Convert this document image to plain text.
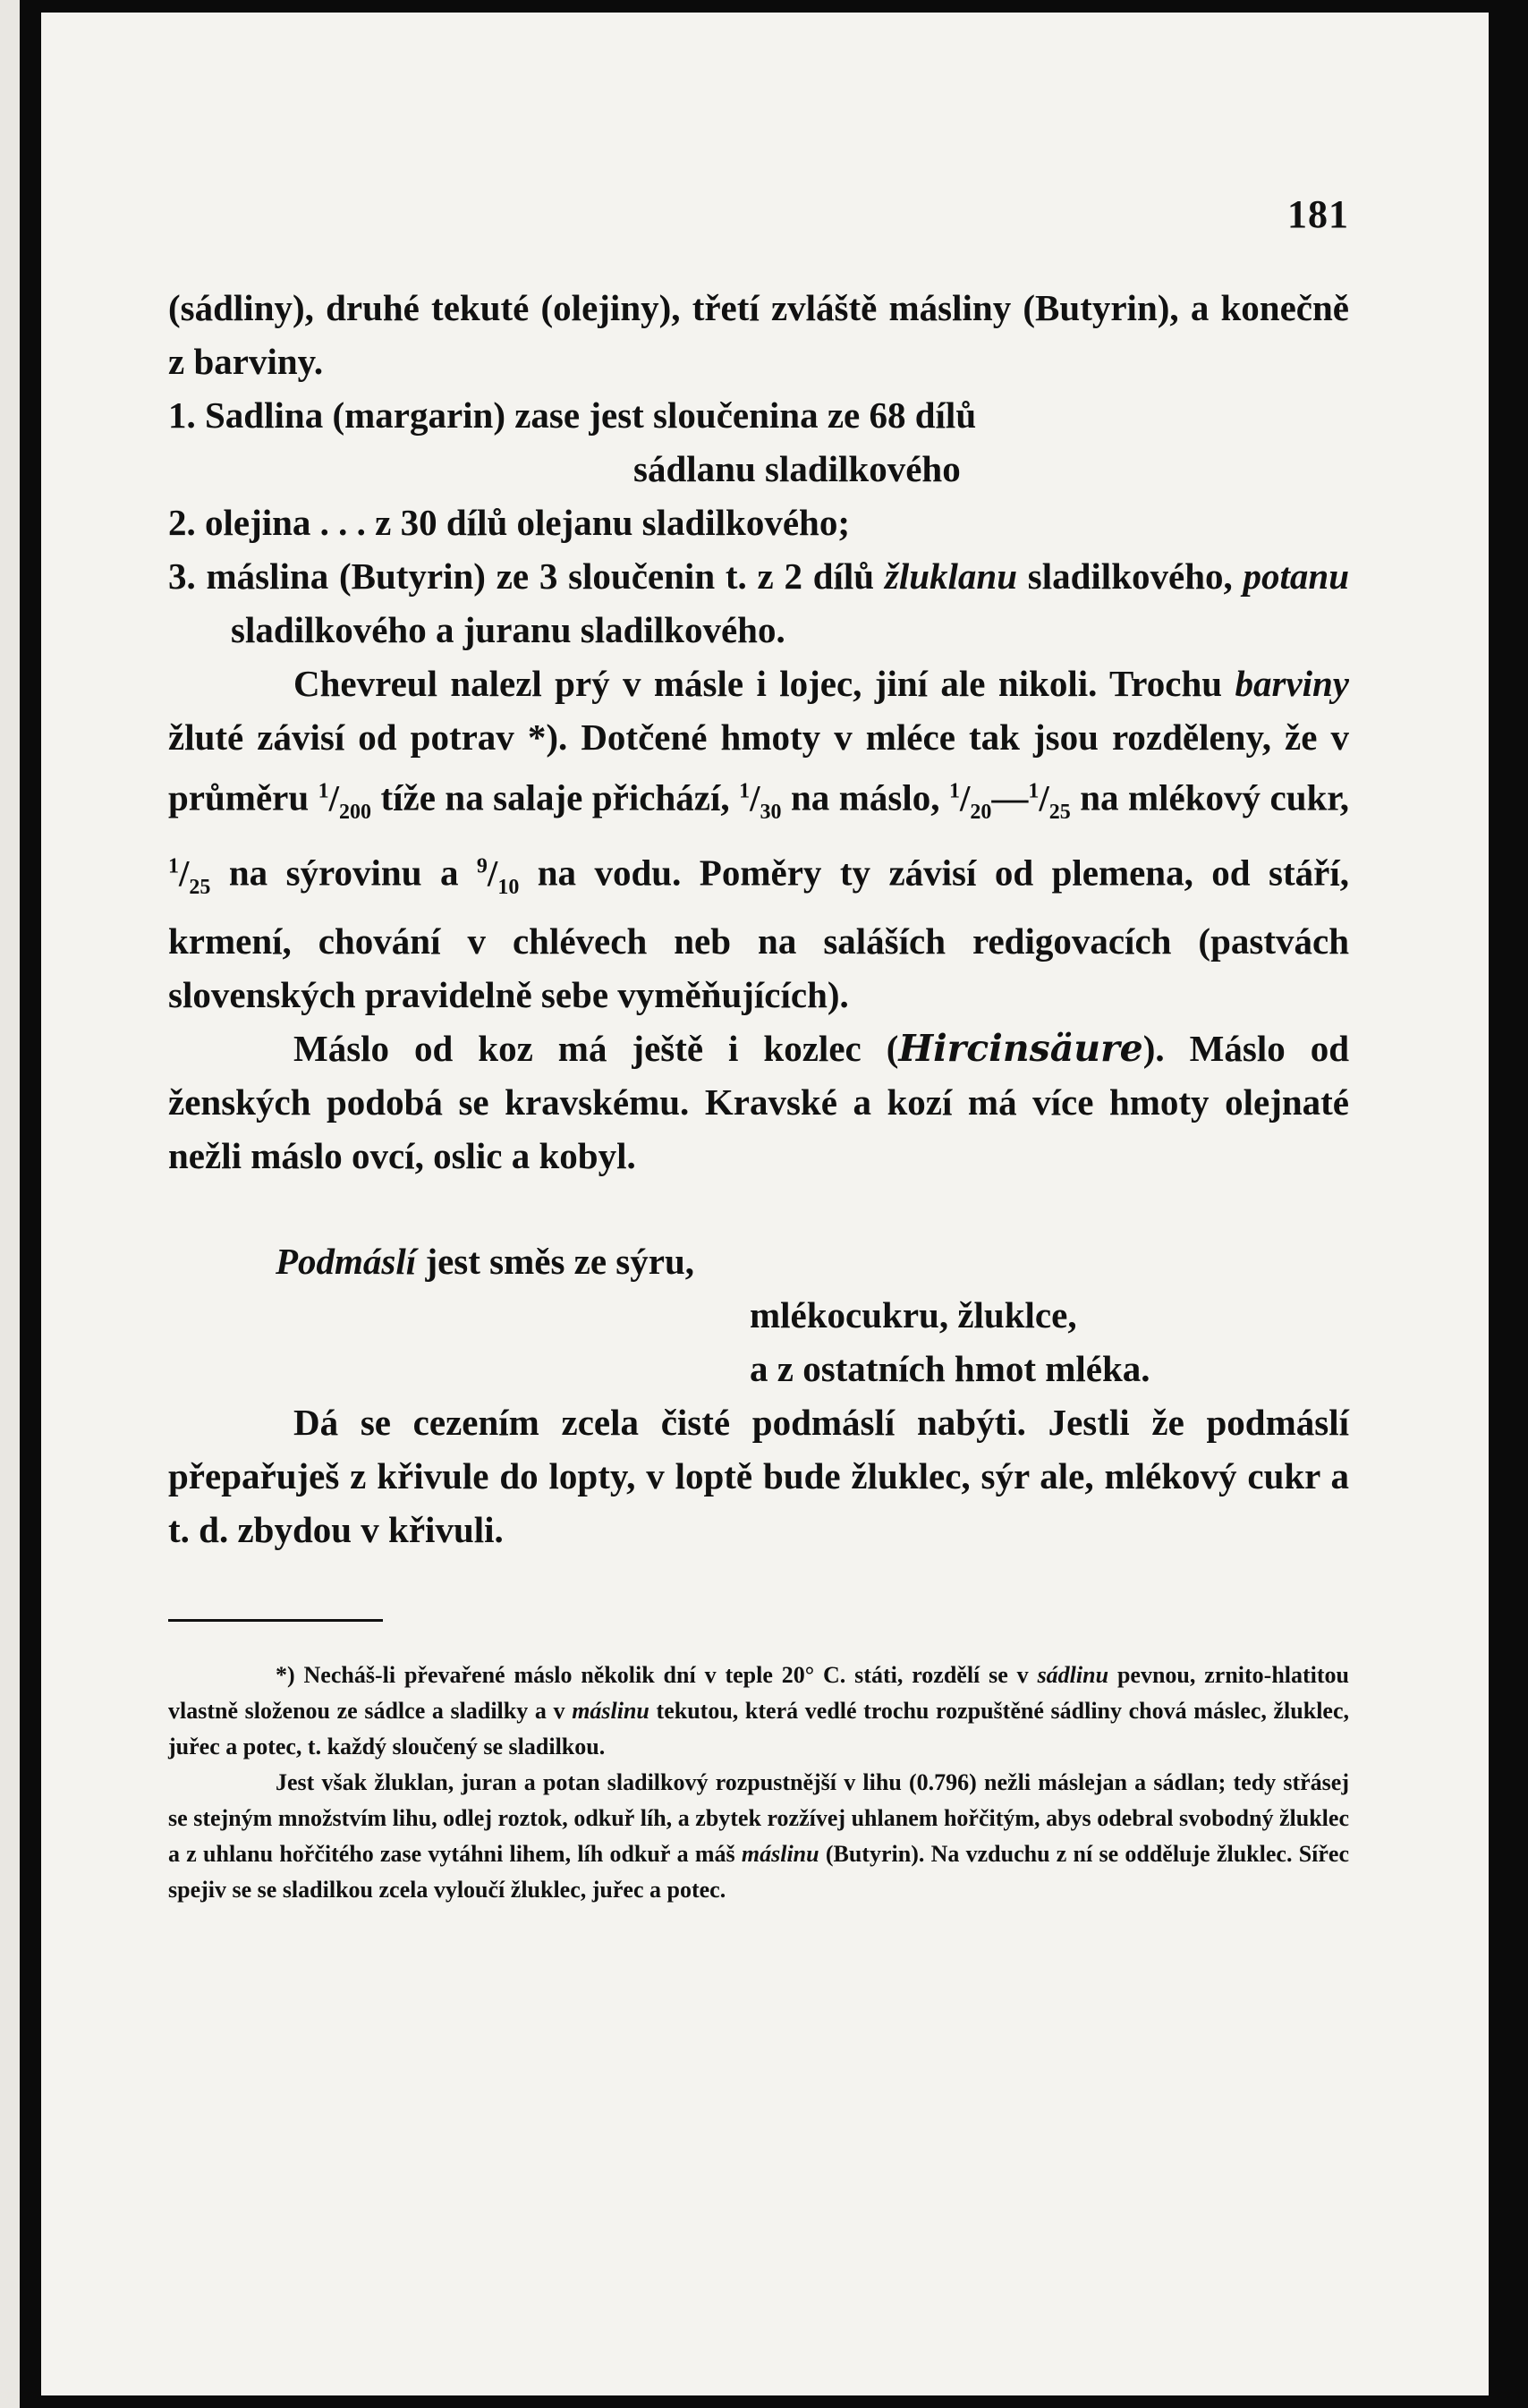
181

(sádliny), druhé tekuté (olejiny), třetí zvláště másliny (Butyrin), a konečně z barviny.

1. Sadlina (margarin) zase jest sloučenina ze 68 dílů
sádlanu sladilkového

2. olejina . . . z 30 dílů olejanu sladilkového;

3. máslina (Butyrin) ze 3 sloučenin t. z 2 dílů žluklanu sladilkového, potanu sladilkového a juranu sladilkového.

Chevreul nalezl prý v másle i lojec, jiní ale nikoli. Trochu barviny žluté závisí od potrav *). Dotčené hmoty v mléce tak jsou rozděleny, že v průměru $^1/_{200}$ tíže na salaje přichází, $^1/_{30}$ na máslo, $^1/_{20}—^1/_{25}$ na mlékový cukr, $^1/_{25}$ na sýrovinu a $^9/_{10}$ na vodu. Poměry ty závisí od plemena, od stáří, krmení, chování v chlévech neb na saláších redigovacích (pastvách slovenských pravidelně sebe vyměňujících).

Máslo od koz má ještě i kozlec (Hircinsäure). Máslo od ženských podobá se kravskému. Kravské a kozí má více hmoty olejnaté nežli máslo ovcí, oslic a kobyl.

Podmáslí jest směs ze sýru,
mlékocukru, žluklce,
a z ostatních hmot mléka.

Dá se cezením zcela čisté podmáslí nabýti. Jestli že podmáslí přepařuješ z křivule do lopty, v loptě bude žluklec, sýr ale, mlékový cukr a t. d. zbydou v křivuli.

*) Necháš-li převařené máslo několik dní v teple 20° C. státi, rozdělí se v sádlinu pevnou, zrnito-hlatitou vlastně složenou ze sádlce a sladilky a v máslinu tekutou, která vedlé trochu rozpuštěné sádliny chová máslec, žluklec, juřec a potec, t. každý sloučený se sladilkou.

Jest však žluklan, juran a potan sladilkový rozpustnější v lihu (0.796) nežli máslejan a sádlan; tedy střásej se stejným množstvím lihu, odlej roztok, odkuř líh, a zbytek rozžívej uhlanem hořčitým, abys odebral svobodný žluklec a z uhlanu hořčitého zase vytáhni lihem, líh odkuř a máš máslinu (Butyrin). Na vzduchu z ní se odděluje žluklec. Sířec spejiv se se sladilkou zcela vyloučí žluklec, juřec a potec.
